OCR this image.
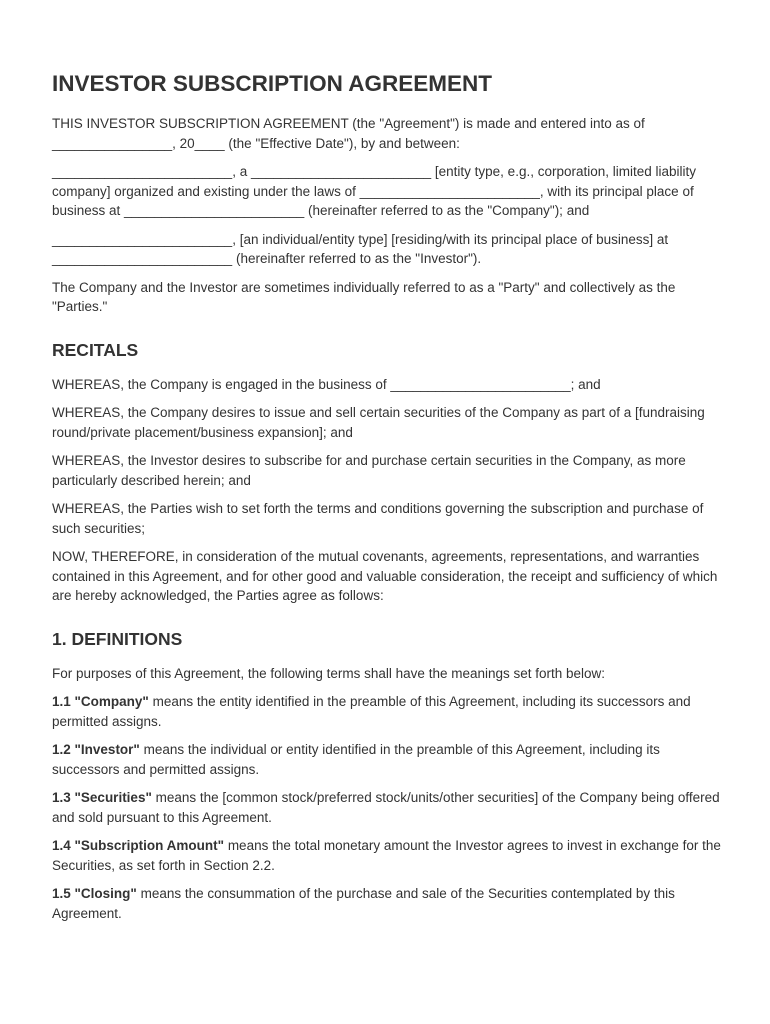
INVESTOR SUBSCRIPTION AGREEMENT

THIS INVESTOR SUBSCRIPTION AGREEMENT (the "Agreement") is made and entered into as of ________________, 20____ (the "Effective Date"), by and between:

________________________, a ________________________ [entity type, e.g., corporation, limited liability company] organized and existing under the laws of ________________________, with its principal place of business at ________________________ (hereinafter referred to as the "Company"); and

________________________, [an individual/entity type] [residing/with its principal place of business] at ________________________ (hereinafter referred to as the "Investor").

The Company and the Investor are sometimes individually referred to as a "Party" and collectively as the "Parties."

RECITALS

WHEREAS, the Company is engaged in the business of ________________________; and

WHEREAS, the Company desires to issue and sell certain securities of the Company as part of a [fundraising round/private placement/business expansion]; and

WHEREAS, the Investor desires to subscribe for and purchase certain securities in the Company, as more particularly described herein; and

WHEREAS, the Parties wish to set forth the terms and conditions governing the subscription and purchase of such securities;

NOW, THEREFORE, in consideration of the mutual covenants, agreements, representations, and warranties contained in this Agreement, and for other good and valuable consideration, the receipt and sufficiency of which are hereby acknowledged, the Parties agree as follows:

1. DEFINITIONS

For purposes of this Agreement, the following terms shall have the meanings set forth below:

1.1 "Company" means the entity identified in the preamble of this Agreement, including its successors and permitted assigns.

1.2 "Investor" means the individual or entity identified in the preamble of this Agreement, including its successors and permitted assigns.

1.3 "Securities" means the [common stock/preferred stock/units/other securities] of the Company being offered and sold pursuant to this Agreement.

1.4 "Subscription Amount" means the total monetary amount the Investor agrees to invest in exchange for the Securities, as set forth in Section 2.2.

1.5 "Closing" means the consummation of the purchase and sale of the Securities contemplated by this Agreement.
